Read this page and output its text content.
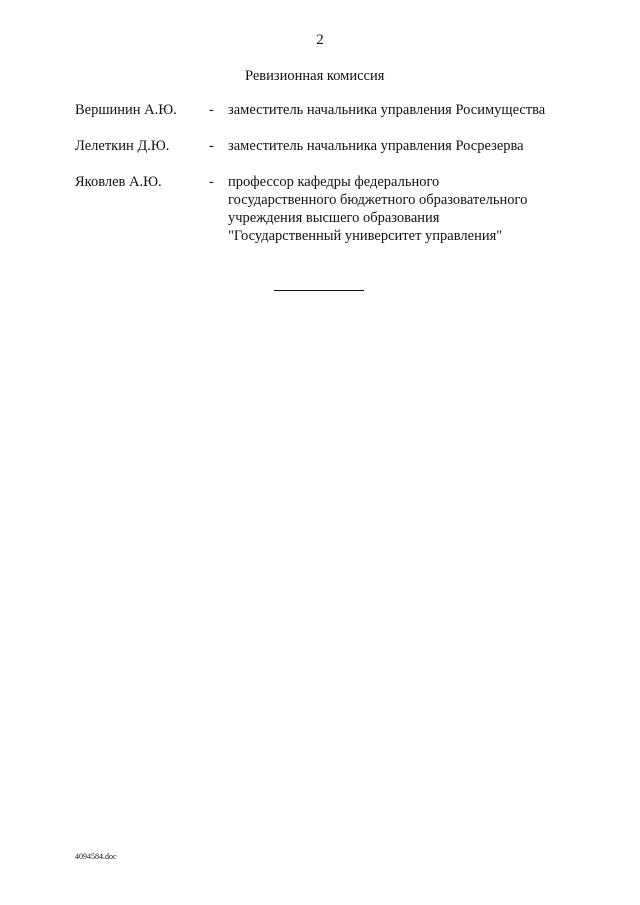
2
Ревизионная комиссия
Вершинин А.Ю. - заместитель начальника управления Росимущества
Лелеткин Д.Ю.	- заместитель начальника управления Росрезерва
Яковлев А.Ю.	- профессор кафедры федерального
государственного бюджетного образовательного
учреждения высшего образования
"Государственный университет управления"
4094584.doc
